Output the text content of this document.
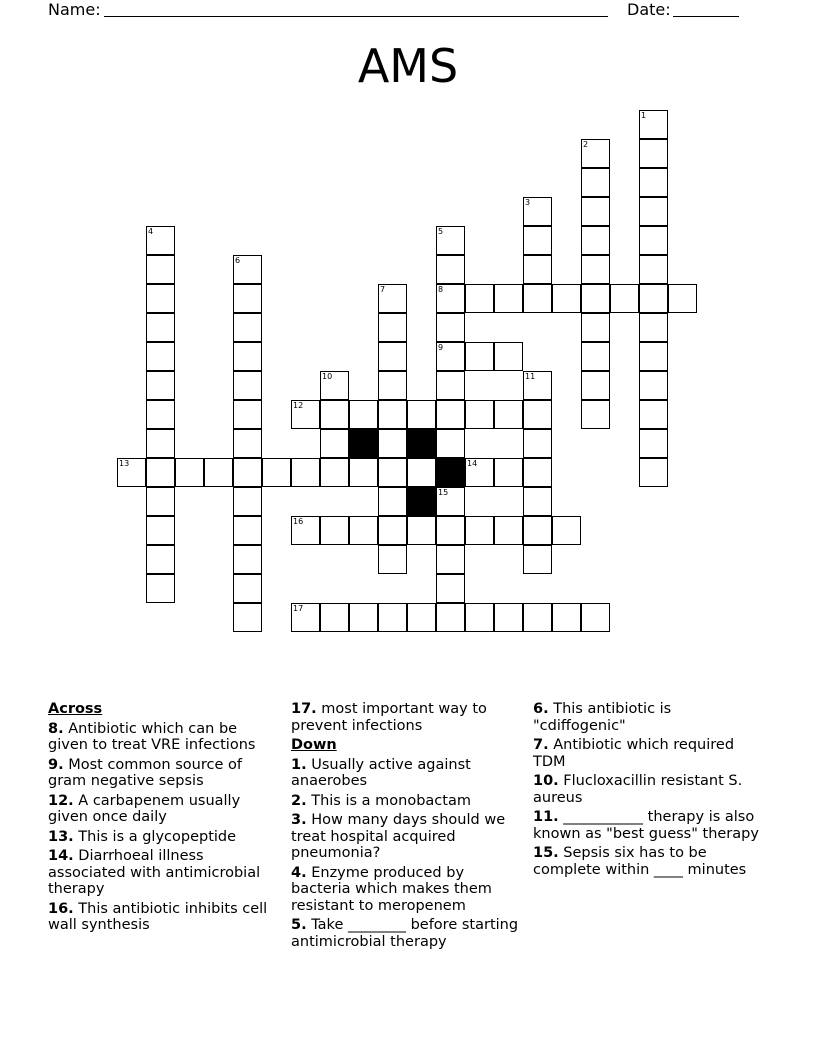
Name:	Date:
AMS
8
9
12
13	14
16
17
1
2
3
4	5
15
6
7
10	11
Across
8. Antibiotic which can be given to treat VRE infections
9. Most common source of gram negative sepsis
12. A carbapenem usually given once daily
13. This is a glycopeptide
14. Diarrhoeal illness associated with antimicrobial therapy
16. This antibiotic inhibits cell wall synthesis
17. most important way to prevent infections
Down
1. Usually active against anaerobes
2. This is a monobactam
3. How many days should we treat hospital acquired pneumonia?
4. Enzyme produced by bacteria which makes them resistant to meropenem
5. Take ________ before starting antimicrobial therapy
6. This antibiotic is "cdiffogenic"
7. Antibiotic which required TDM
10. Flucloxacillin resistant S. aureus
11. ___________ therapy is also known as "best guess" therapy
15. Sepsis six has to be complete within ____ minutes
